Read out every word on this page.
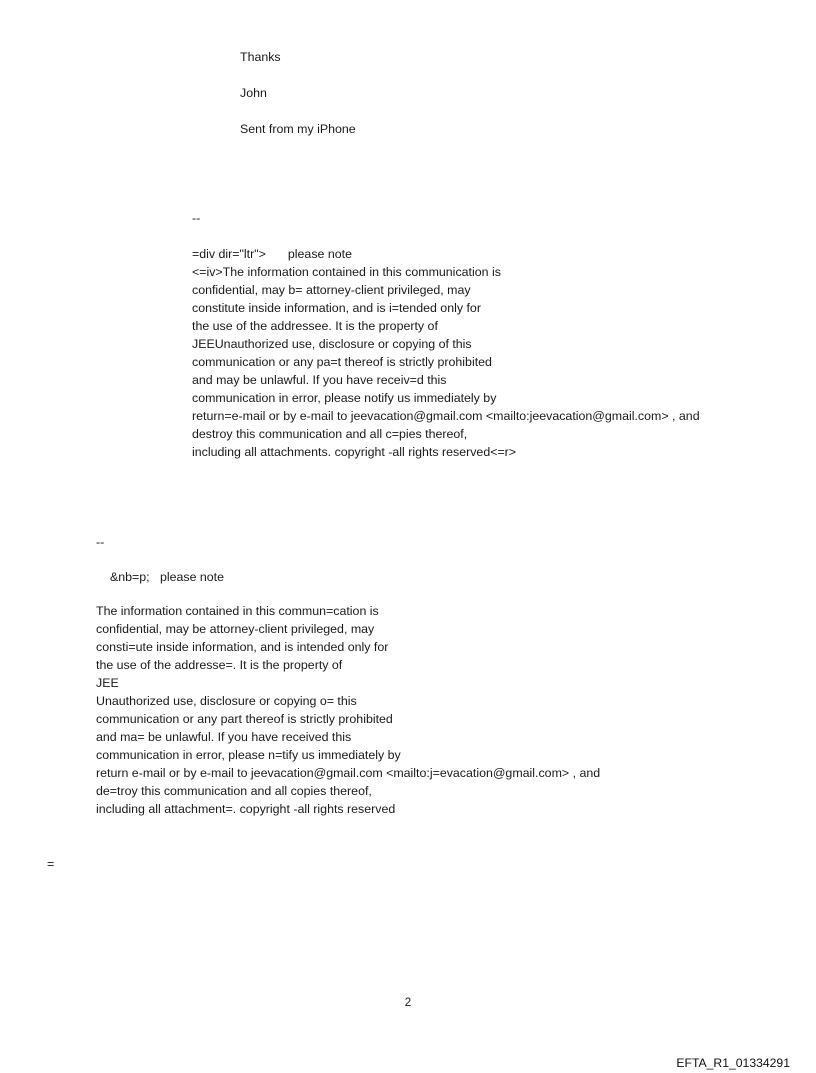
Thanks

John

Sent from my iPhone

--

=div dir="ltr"> please note
<=iv>The information contained in this communication is
confidential, may b= attorney-client privileged, may
constitute inside information, and is i=tended only for
the use of the addressee. It is the property of
JEEUnauthorized use, disclosure or copying of this
communication or any pa=t thereof is strictly prohibited
and may be unlawful. If you have receiv=d this
communication in error, please notify us immediately by
return=e-mail or by e-mail to jeevacation@gmail.com <mailto:jeevacation@gmail.com> , and
destroy this communication and all c=pies thereof,
including all attachments. copyright -all rights reserved<=r>

--

&nb=p;   please note

The information contained in this commun=cation is
confidential, may be attorney-client privileged, may
consti=ute inside information, and is intended only for
the use of the addresse=. It is the property of
JEE
Unauthorized use, disclosure or copying o= this
communication or any part thereof is strictly prohibited
and ma= be unlawful. If you have received this
communication in error, please n=tify us immediately by
return e-mail or by e-mail to jeevacation@gmail.com <mailto:j=evacation@gmail.com> , and
de=troy this communication and all copies thereof,
including all attachment=. copyright -all rights reserved

=

2

EFTA_R1_01334291
